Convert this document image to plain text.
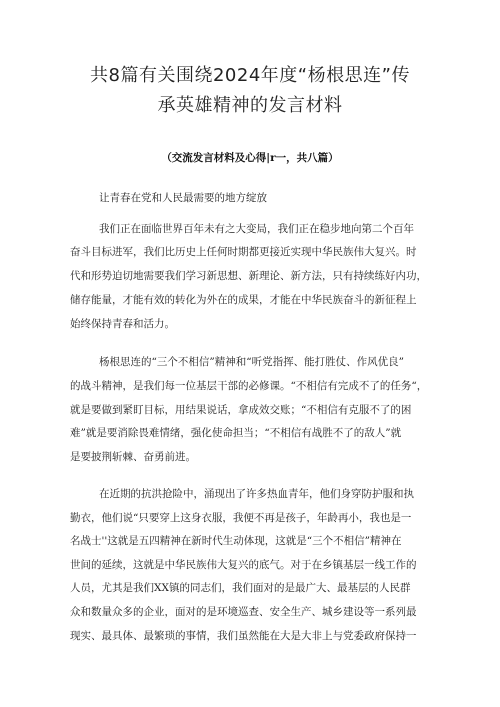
共8篇有关围绕2024年度“杨根思连”传
承英雄精神的发言材料
（交流发言材料及心得|r一，共八篇）
让青春在党和人民最需要的地方绽放
我们正在面临世界百年未有之大变局，我们正在稳步地向第二个百年
奋斗目标进军，我们比历史上任何时期都更接近实现中华民族伟大复兴。时
代和形势迫切地需要我们学习新思想、新理论、新方法，只有持续练好内功，
储存能量，才能有效的转化为外在的成果，才能在中华民族奋斗的新征程上
始终保持青春和活力。
杨根思连的“三个不相信”精神和“听党指挥、能打胜仗、作风优良”
的战斗精神，是我们每一位基层干部的必修课。“不相信有完成不了的任务“，
就是要做到紧盯目标，用结果说话，拿成效交账；“不相信有克服不了的困
难”就是要消除畏难情绪，强化使命担当；“不相信有战胜不了的敌人”就
是要披荆斩棘、奋勇前进。
在近期的抗洪抢险中，涌现出了许多热血青年，他们身穿防护服和执
勤衣，他们说“只要穿上这身衣服，我便不再是孩子，年龄再小，我也是一
名战士''这就是五四精神在新时代生动体现，这就是“三个不相信”精神在
世间的延续，这就是中华民族伟大复兴的底气。对于在乡镇基层一线工作的
人员，尤其是我们XX镇的同志们，我们面对的是最广大、最基层的人民群
众和数量众多的企业，面对的是环境巡查、安全生产、城乡建设等一系列最
现实、最具体、最繁琐的事情，我们虽然能在大是大非上与党委政府保持一
